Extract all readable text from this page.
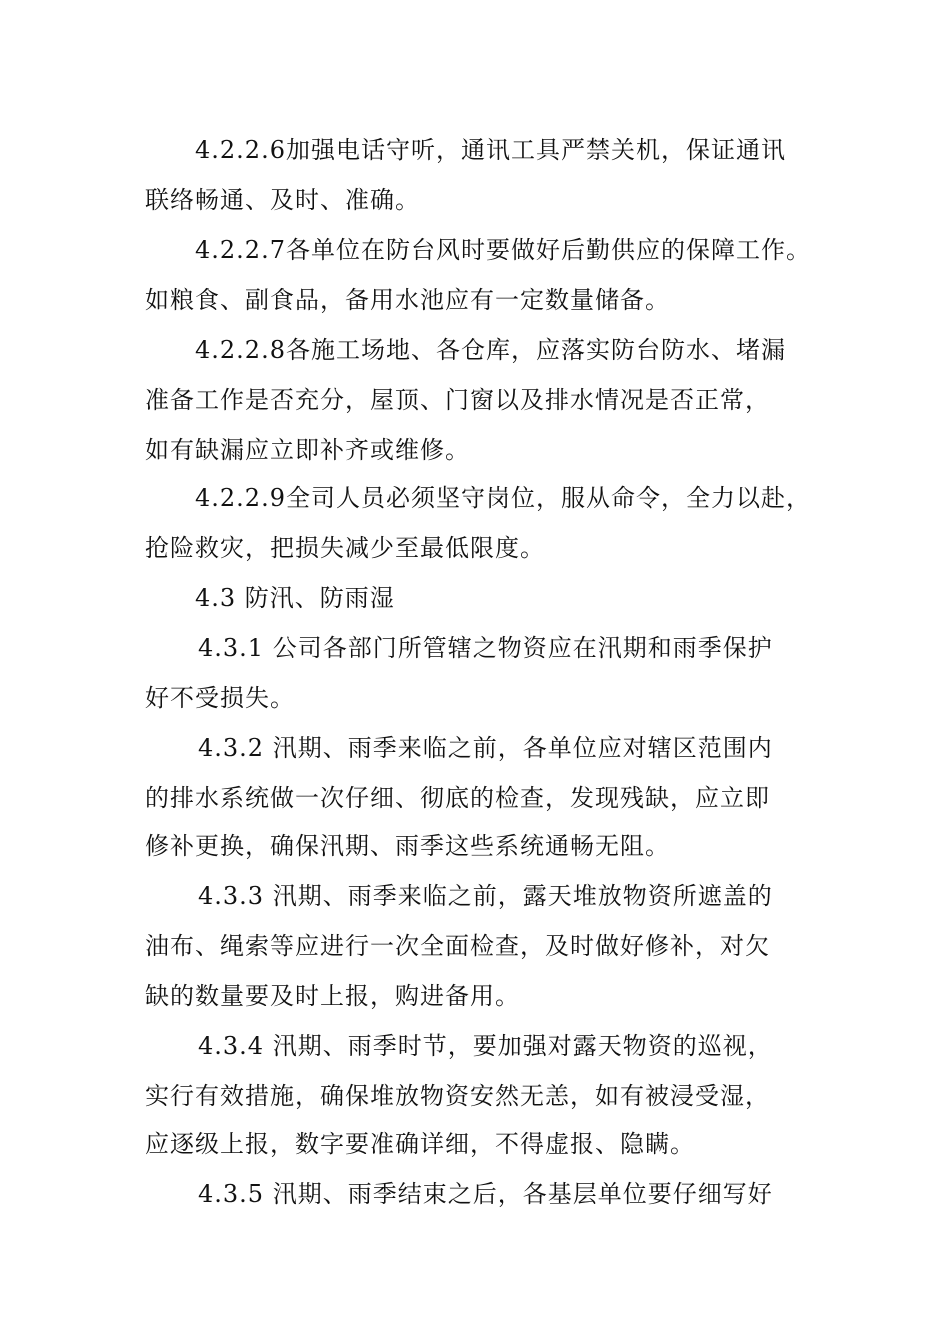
4.2.2.6加强电话守听，通讯工具严禁关机，保证通讯

联络畅通、及时、准确。

4.2.2.7各单位在防台风时要做好后勤供应的保障工作。

如粮食、副食品，备用水池应有一定数量储备。

4.2.2.8各施工场地、各仓库，应落实防台防水、堵漏

准备工作是否充分，屋顶、门窗以及排水情况是否正常，

如有缺漏应立即补齐或维修。

4.2.2.9全司人员必须坚守岗位，服从命令，全力以赴，

抢险救灾，把损失减少至最低限度。

4.3 防汛、防雨湿

4.3.1 公司各部门所管辖之物资应在汛期和雨季保护

好不受损失。

4.3.2 汛期、雨季来临之前，各单位应对辖区范围内

的排水系统做一次仔细、彻底的检查，发现残缺，应立即

修补更换，确保汛期、雨季这些系统通畅无阻。

4.3.3 汛期、雨季来临之前，露天堆放物资所遮盖的

油布、绳索等应进行一次全面检查，及时做好修补，对欠

缺的数量要及时上报，购进备用。

4.3.4 汛期、雨季时节，要加强对露天物资的巡视，

实行有效措施，确保堆放物资安然无恙，如有被浸受湿，

应逐级上报，数字要准确详细，不得虚报、隐瞒。

4.3.5 汛期、雨季结束之后，各基层单位要仔细写好
